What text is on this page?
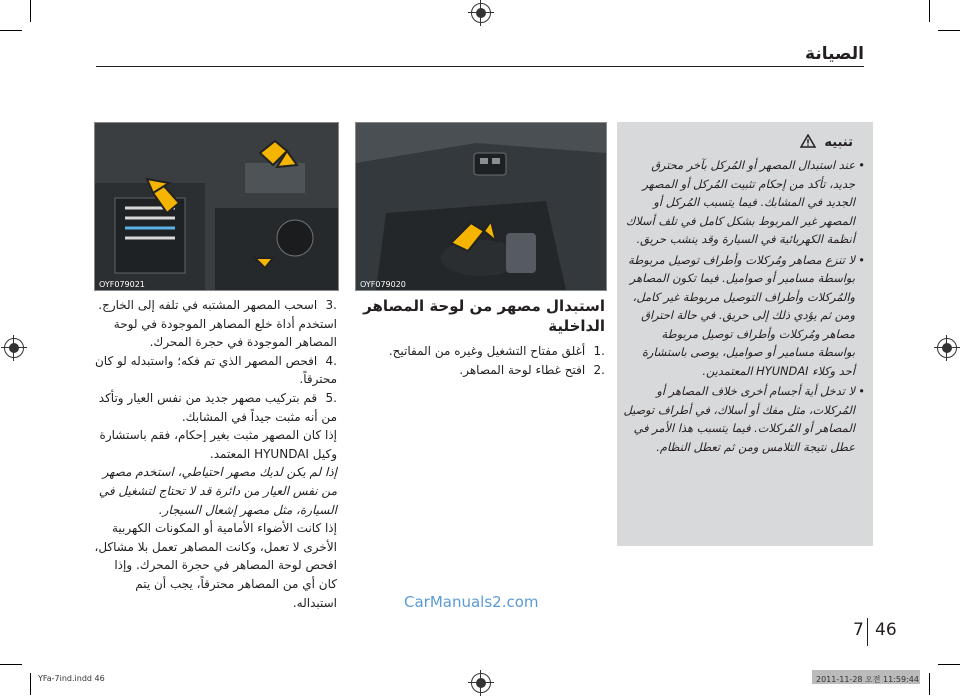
الصيانة
OYF079020
OYF079021
استبدال مصهر من لوحة المصاهر
الداخلية

.1 أغلق مفتاح التشغيل وغيره من المفاتيح.

.2 افتح غطاء لوحة المصاهر.

.3 اسحب المصهر المشتبه في تلفه إلى الخارج. استخدم أداة خلع المصاهر الموجودة في لوحة المصاهر الموجودة في حجرة المحرك.

.4 افحص المصهر الذي تم فكه؛ واستبدله لو كان محترقاً.

.5 قم بتركيب مصهر جديد من نفس العيار وتأكد من أنه مثبت جيداً في المشابك.

إذا كان المصهر مثبت بغير إحكام، فقم باستشارة وكيل HYUNDAI المعتمد.

إذا لم يكن لديك مصهر احتياطي، استخدم مصهر من نفس العيار من دائرة قد لا تحتاج لتشغيل في السيارة، مثل مصهر إشعال السيجار.

إذا كانت الأضواء الأمامية أو المكونات الكهربية الأخرى لا تعمل، وكانت المصاهر تعمل بلا مشاكل، افحص لوحة المصاهر في حجرة المحرك. وإذا كان أي من المصاهر محترقاً، يجب أن يتم استبداله.

تنبيه
• عند استبدال المصهر أو المُركل بآخر محترق جديد، تأكد من إحكام تثبيت المُركل أو المصهر الجديد في المشابك. فيما يتسبب المُركل أو المصهر غير المربوط بشكل كامل في تلف أسلاك أنظمة الكهربائية في السيارة وقد ينشب حريق.
• لا تنزع مصاهر ومُركلات وأطراف توصيل مربوطة بواسطة مسامير أو صواميل. فيما تكون المصاهر والمُركلات وأطراف التوصيل مربوطة غير كامل، ومن ثم يؤدي ذلك إلى حريق. في حالة احتراق مصاهر ومُركلات وأطراف توصيل مربوطة بواسطة مسامير أو صواميل، يوصى باستشارة أحد وكلاء HYUNDAI المعتمدين.
• لا تدخل أية أجسام أخرى خلاف المصاهر أو المُركلات، مثل مفك أو أسلاك، في أطراف توصيل المصاهر أو المُركلات. فيما يتسبب هذا الأمر في عطل نتيجة التلامس ومن ثم تعطل النظام.
CarManuals2.com
7 46
YFa-7ind.indd 46	2011-11-28 오전 11:59:44
